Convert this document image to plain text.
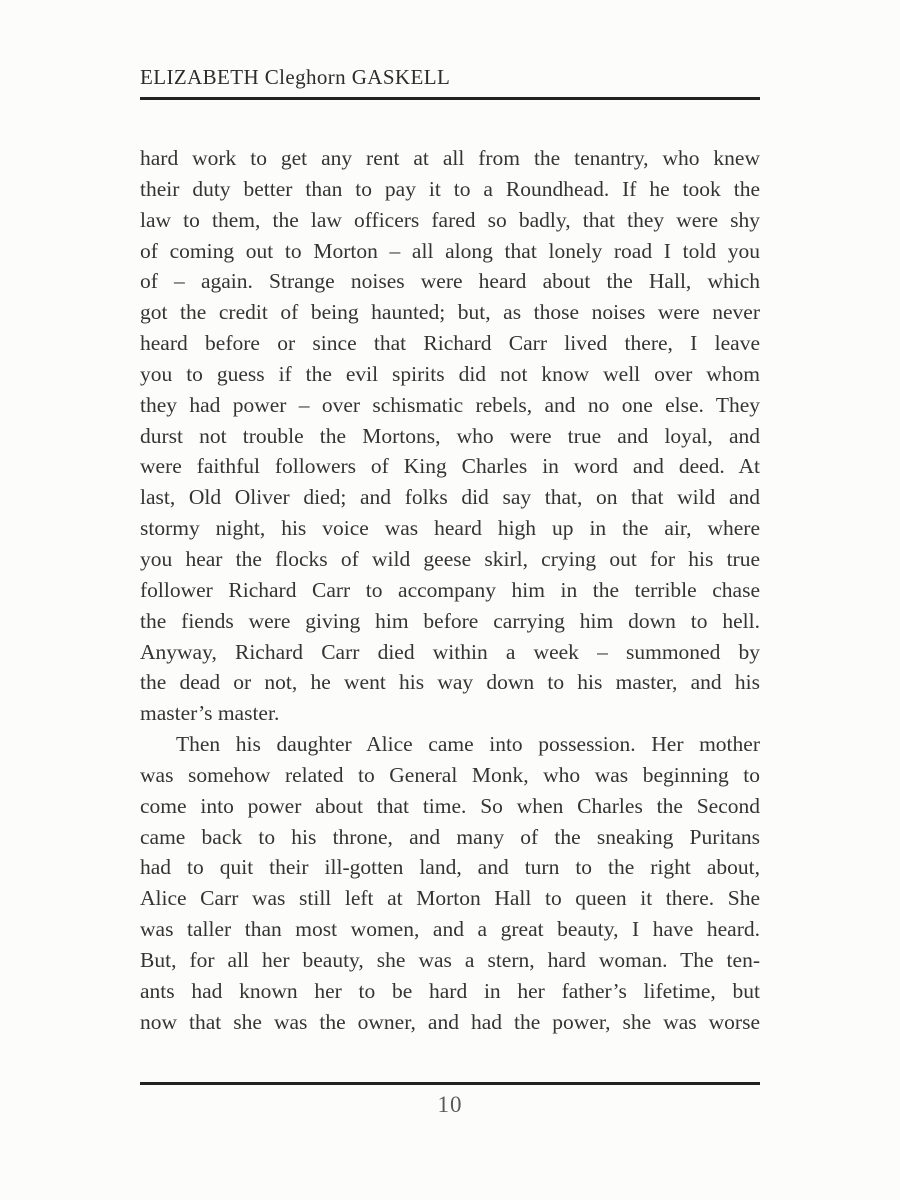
ELIZABETH Cleghorn GASKELL
hard work to get any rent at all from the tenantry, who knew
their duty better than to pay it to a Roundhead. If he took the
law to them, the law officers fared so badly, that they were shy
of coming out to Morton – all along that lonely road I told you
of – again. Strange noises were heard about the Hall, which
got the credit of being haunted; but, as those noises were never
heard before or since that Richard Carr lived there, I leave
you to guess if the evil spirits did not know well over whom
they had power – over schismatic rebels, and no one else. They
durst not trouble the Mortons, who were true and loyal, and
were faithful followers of King Charles in word and deed. At
last, Old Oliver died; and folks did say that, on that wild and
stormy night, his voice was heard high up in the air, where
you hear the flocks of wild geese skirl, crying out for his true
follower Richard Carr to accompany him in the terrible chase
the fiends were giving him before carrying him down to hell.
Anyway, Richard Carr died within a week – summoned by
the dead or not, he went his way down to his master, and his
master’s master.
Then his daughter Alice came into possession. Her mother
was somehow related to General Monk, who was beginning to
come into power about that time. So when Charles the Second
came back to his throne, and many of the sneaking Puritans
had to quit their ill-gotten land, and turn to the right about,
Alice Carr was still left at Morton Hall to queen it there. She
was taller than most women, and a great beauty, I have heard.
But, for all her beauty, she was a stern, hard woman. The ten-
ants had known her to be hard in her father’s lifetime, but
now that she was the owner, and had the power, she was worse
10
